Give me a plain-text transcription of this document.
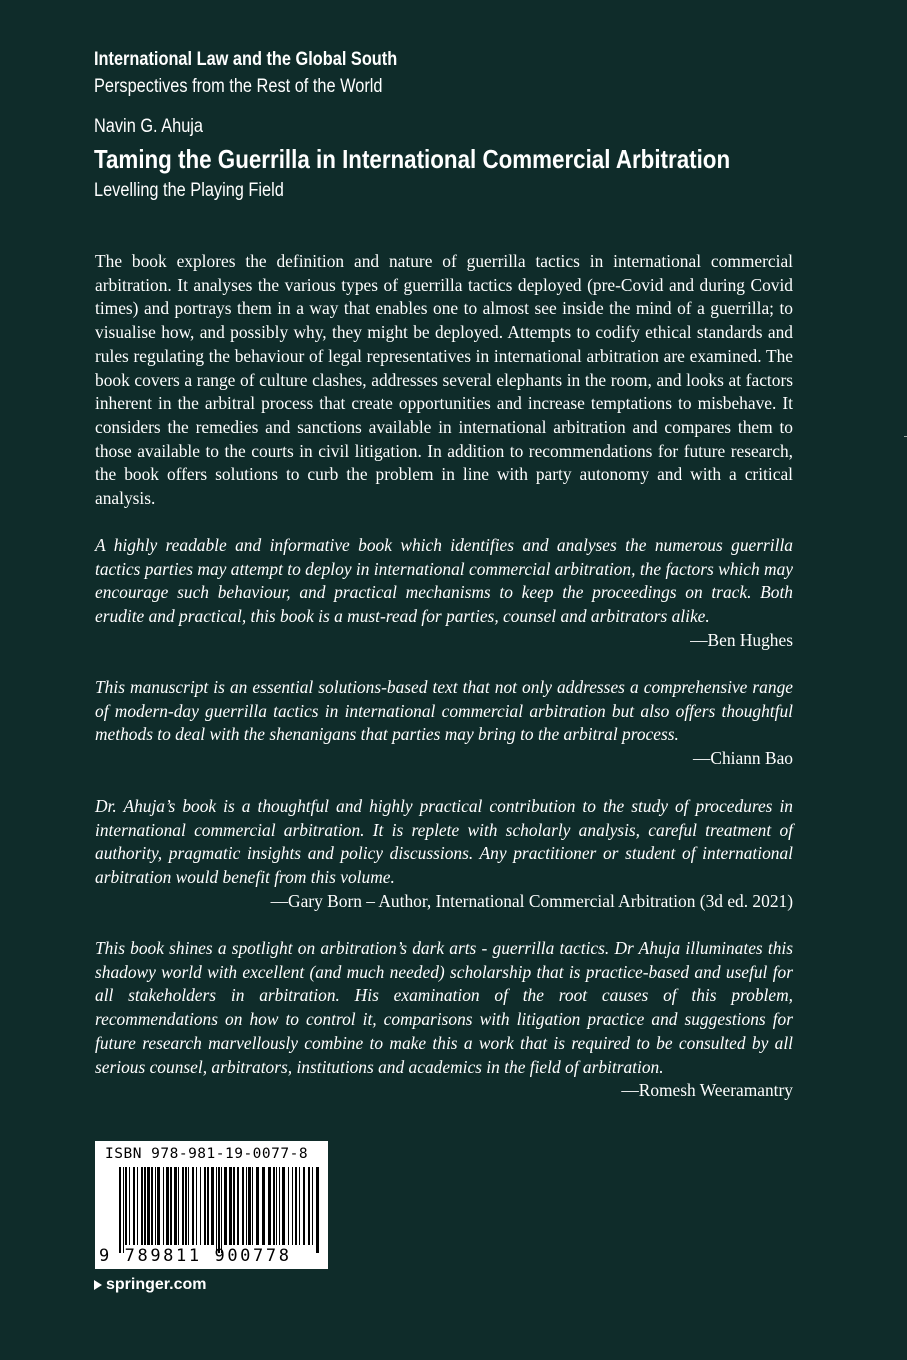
International Law and the Global South
Perspectives from the Rest of the World
Navin G. Ahuja
Taming the Guerrilla in International Commercial Arbitration
Levelling the Playing Field

The book explores the definition and nature of guerrilla tactics in international commercial arbitration. It analyses the various types of guerrilla tactics deployed (pre-Covid and during Covid times) and portrays them in a way that enables one to almost see inside the mind of a guerrilla; to visualise how, and possibly why, they might be deployed. Attempts to codify ethical standards and rules regulating the behaviour of legal representatives in international arbitration are examined. The book covers a range of culture clashes, addresses several elephants in the room, and looks at factors inherent in the arbitral process that create opportunities and increase temptations to misbehave. It considers the remedies and sanctions available in international arbitration and compares them to those available to the courts in civil litigation. In addition to recommendations for future research, the book offers solutions to curb the problem in line with party autonomy and with a critical analysis.

A highly readable and informative book which identifies and analyses the numerous guerrilla tactics parties may attempt to deploy in international commercial arbitration, the factors which may encourage such behaviour, and practical mechanisms to keep the proceedings on track. Both erudite and practical, this book is a must-read for parties, counsel and arbitrators alike.

—Ben Hughes

This manuscript is an essential solutions-based text that not only addresses a comprehensive range of modern-day guerrilla tactics in international commercial arbitration but also offers thoughtful methods to deal with the shenanigans that parties may bring to the arbitral process.

—Chiann Bao

Dr. Ahuja’s book is a thoughtful and highly practical contribution to the study of procedures in international commercial arbitration. It is replete with scholarly analysis, careful treatment of authority, pragmatic insights and policy discussions. Any practitioner or student of international arbitration would benefit from this volume.

—Gary Born – Author, International Commercial Arbitration (3d ed. 2021)

This book shines a spotlight on arbitration’s dark arts - guerrilla tactics. Dr Ahuja illuminates this shadowy world with excellent (and much needed) scholarship that is practice-based and useful for all stakeholders in arbitration. His examination of the root causes of this problem, recommendations on how to control it, comparisons with litigation practice and suggestions for future research marvellously combine to make this a work that is required to be consulted by all serious counsel, arbitrators, institutions and academics in the field of arbitration.

—Romesh Weeramantry
ISBN 978-981-19-0077-8
9 789811 900778
springer.com
